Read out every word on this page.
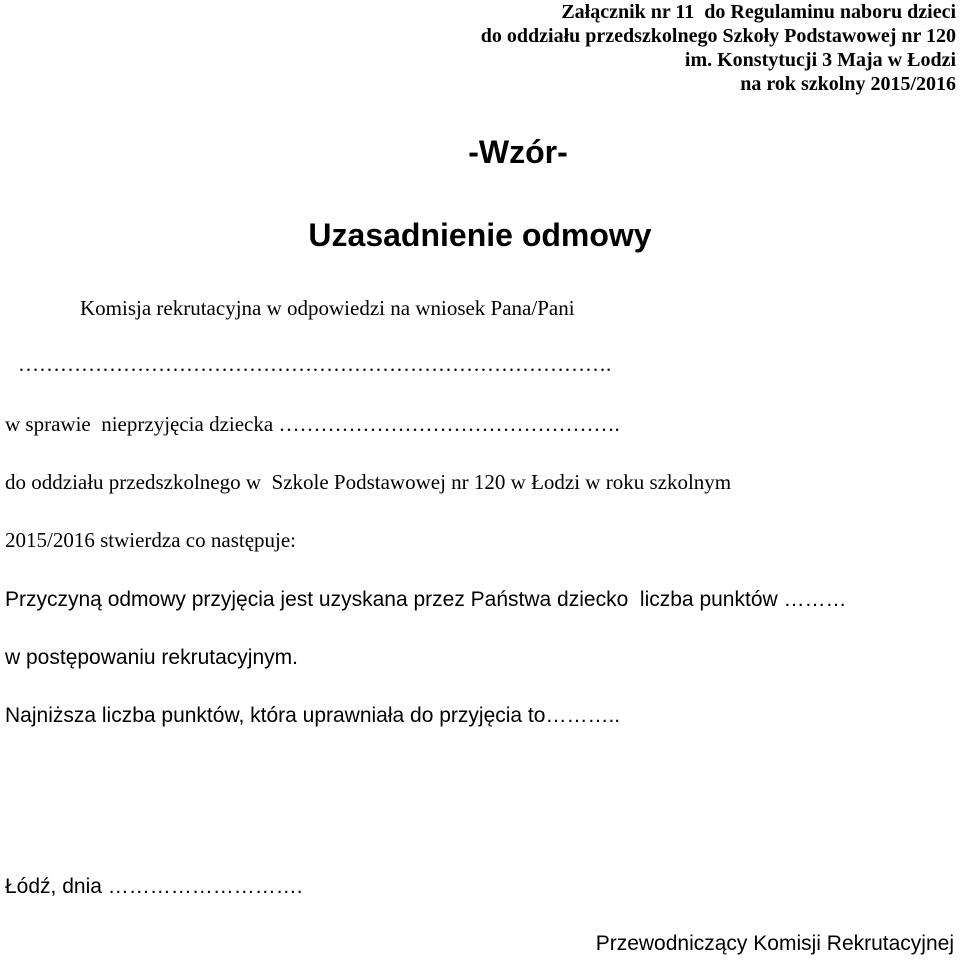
Załącznik nr 11  do Regulaminu naboru dzieci
do oddziału przedszkolnego Szkoły Podstawowej nr 120
im. Konstytucji 3 Maja w Łodzi
na rok szkolny 2015/2016
-Wzór-
Uzasadnienie odmowy
Komisja rekrutacyjna w odpowiedzi na wniosek Pana/Pani
………………………………………………………………………….
w sprawie  nieprzyjęcia dziecka ………………………………………….
do oddziału przedszkolnego w  Szkole Podstawowej nr 120 w Łodzi w roku szkolnym
2015/2016 stwierdza co następuje:
Przyczyną odmowy przyjęcia jest uzyskana przez Państwa dziecko  liczba punktów ………
w postępowaniu rekrutacyjnym.
Najniższa liczba punktów, która uprawniała do przyjęcia to………..
Łódź, dnia ……………………….
Przewodniczący Komisji Rekrutacyjnej
